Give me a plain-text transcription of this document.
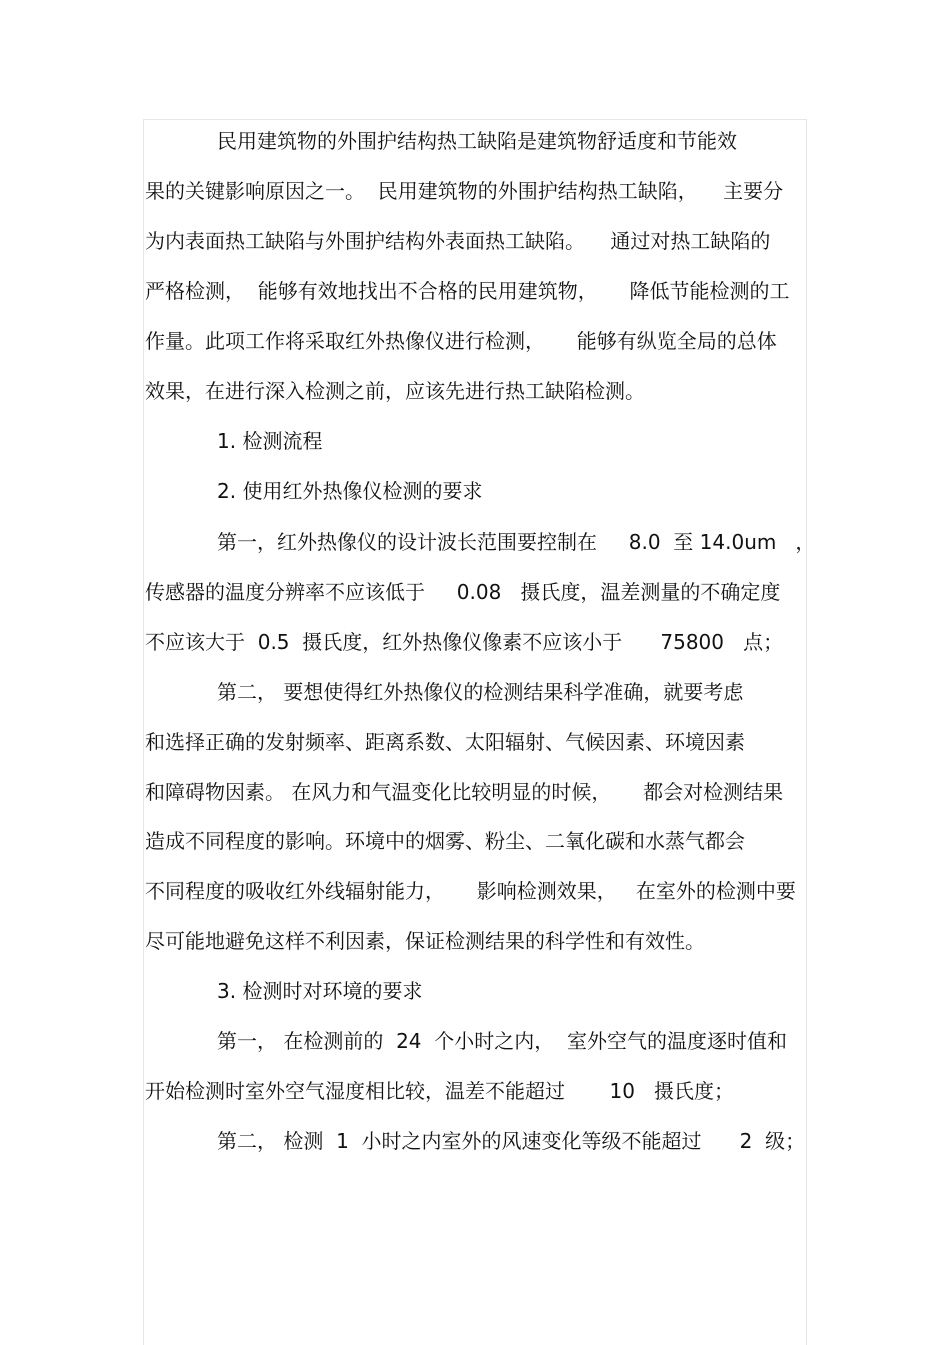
民用建筑物的外围护结构热工缺陷是建筑物舒适度和节能效
果的关键影响原因之一。  民用建筑物的外围护结构热工缺陷，    主要分
为内表面热工缺陷与外围护结构外表面热工缺陷。    通过对热工缺陷的
严格检测，  能够有效地找出不合格的民用建筑物，     降低节能检测的工
作量。此项工作将采取红外热像仪进行检测，     能够有纵览全局的总体
效果，在进行深入检测之前，应该先进行热工缺陷检测。
1. 检测流程
2. 使用红外热像仪检测的要求
第一，红外热像仪的设计波长范围要控制在     8.0  至 14.0um   ，
传感器的温度分辨率不应该低于     0.08   摄氏度，温差测量的不确定度
不应该大于  0.5  摄氏度，红外热像仪像素不应该小于      75800   点；
第二， 要想使得红外热像仪的检测结果科学准确，就要考虑
和选择正确的发射频率、距离系数、太阳辐射、气候因素、环境因素
和障碍物因素。 在风力和气温变化比较明显的时候，     都会对检测结果
造成不同程度的影响。环境中的烟雾、粉尘、二氧化碳和水蒸气都会
不同程度的吸收红外线辐射能力，     影响检测效果，   在室外的检测中要
尽可能地避免这样不利因素，保证检测结果的科学性和有效性。
3. 检测时对环境的要求
第一， 在检测前的  24  个小时之内，  室外空气的温度逐时值和
开始检测时室外空气湿度相比较，温差不能超过       10   摄氏度；
第二， 检测  1  小时之内室外的风速变化等级不能超过      2  级；
